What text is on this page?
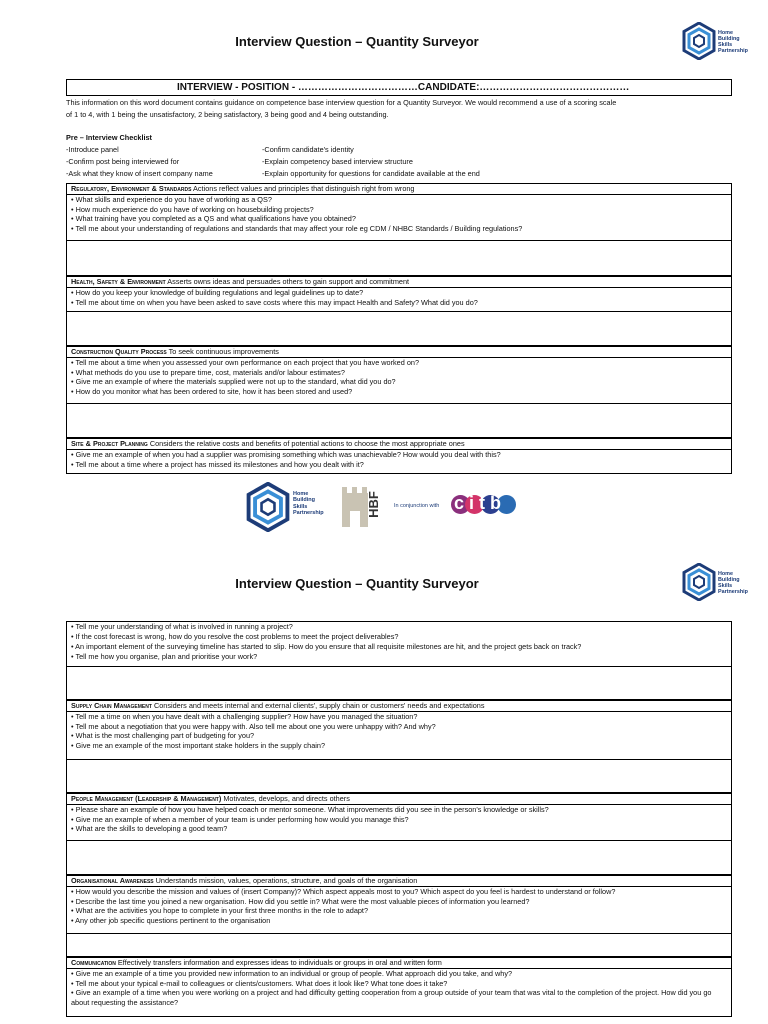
Interview Question – Quantity Surveyor
Home
Building
Skills
Partnership
INTERVIEW - POSITION - ………………………………CANDIDATE:………………………………………
This information on this word document contains guidance on competence base interview question for a Quantity Surveyor. We would recommend a use of a scoring scale
of 1 to 4, with 1 being the unsatisfactory, 2 being satisfactory, 3 being good and 4 being outstanding.
Pre – Interview Checklist
-Introduce panel
-Confirm post being interviewed for
-Ask what they know of insert company name
-Confirm candidate's identity
-Explain competency based interview structure
-Explain opportunity for questions for candidate available at the end
Regulatory, Environment & Standards Actions reflect values and principles that distinguish right from wrong
• What skills and experience do you have of working as a QS?
• How much experience do you have of working on housebuilding projects?
• What training have you completed as a QS and what qualifications have you obtained?
• Tell me about your understanding of regulations and standards that may affect your role eg CDM / NHBC Standards / Building regulations?
Health, Safety & Environment Asserts owns ideas and persuades others to gain support and commitment
• How do you keep your knowledge of building regulations and legal guidelines up to date?
• Tell me about time on when you have been asked to save costs where this may impact Health and Safety? What did you do?
Construction Quality Process To seek continuous improvements
• Tell me about a time when you assessed your own performance on each project that you have worked on?
• What methods do you use to prepare time, cost, materials and/or labour estimates?
• Give me an example of where the materials supplied were not up to the standard, what did you do?
• How do you monitor what has been ordered to site, how it has been stored and used?
Site & Project Planning Considers the relative costs and benefits of potential actions to choose the most appropriate ones
• Give me an example of when you had a supplier was promising something which was unachievable? How would you deal with this?
• Tell me about a time where a project has missed its milestones and how you dealt with it?
Home
Building
Skills
Partnership	HBF In conjunction with citb
Interview Question – Quantity Surveyor
Home
Building
Skills
Partnership
• Tell me your understanding of what is involved in running a project?
• If the cost forecast is wrong, how do you resolve the cost problems to meet the project deliverables?
• An important element of the surveying timeline has started to slip. How do you ensure that all requisite milestones are hit, and the project gets back on track?
• Tell me how you organise, plan and prioritise your work?
Supply Chain Management Considers and meets internal and external clients', supply chain or customers' needs and expectations
• Tell me a time on when you have dealt with a challenging supplier? How have you managed the situation?
• Tell me about a negotiation that you were happy with. Also tell me about one you were unhappy with? And why?
• What is the most challenging part of budgeting for you?
• Give me an example of the most important stake holders in the supply chain?
People Management (Leadership & Management) Motivates, develops, and directs others
• Please share an example of how you have helped coach or mentor someone. What improvements did you see in the person's knowledge or skills?
• Give me an example of when a member of your team is under performing how would you manage this?
• What are the skills to developing a good team?
Organisational Awareness Understands mission, values, operations, structure, and goals of the organisation
• How would you describe the mission and values of (insert Company)? Which aspect appeals most to you? Which aspect do you feel is hardest to understand or follow?
• Describe the last time you joined a new organisation. How did you settle in? What were the most valuable pieces of information you learned?
• What are the activities you hope to complete in your first three months in the role to adapt?
• Any other job specific questions pertinent to the organisation
Communication Effectively transfers information and expresses ideas to individuals or groups in oral and written form
• Give me an example of a time you provided new information to an individual or group of people. What approach did you take, and why?
• Tell me about your typical e-mail to colleagues or clients/customers. What does it look like? What tone does it take?
• Give an example of a time when you were working on a project and had difficulty getting cooperation from a group outside of your team that was vital to the completion of the project. How did you go about requesting the assistance?
